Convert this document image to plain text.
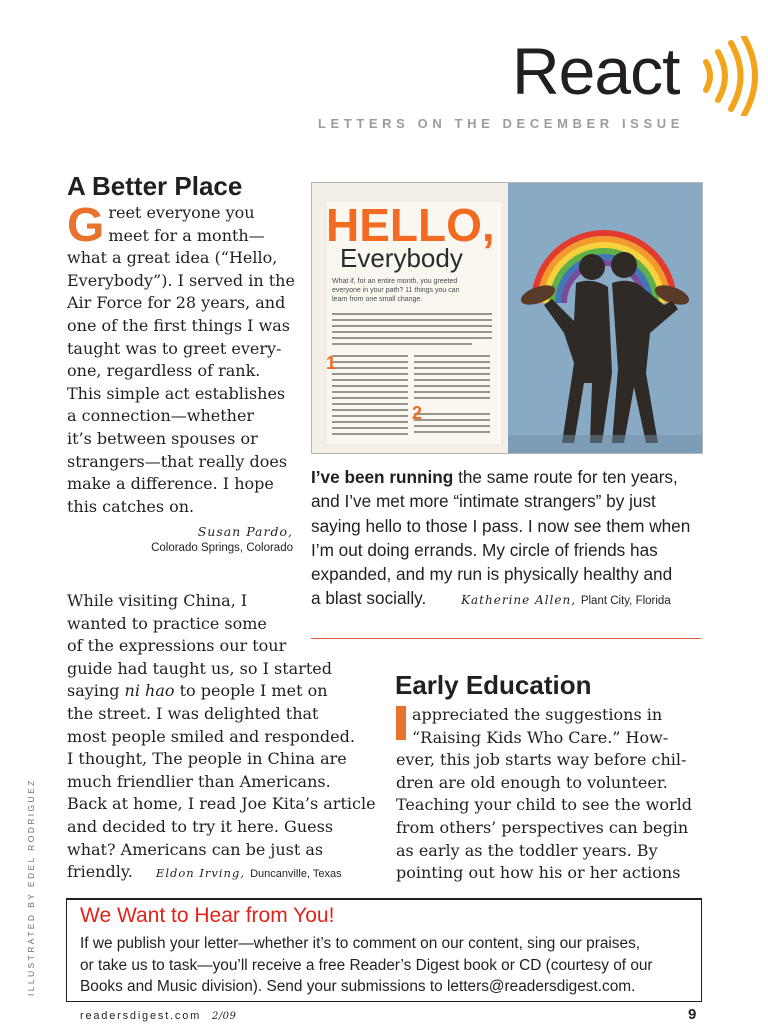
React
LETTERS ON THE DECEMBER ISSUE
A Better Place
G reet everyone you
meet for a month—
what a great idea (“Hello,
Everybody”). I served in the
Air Force for 28 years, and
one of the first things I was
taught was to greet every-
one, regardless of rank.
This simple act establishes
a connection—whether
it’s between spouses or
strangers—that really does
make a difference. I hope
this catches on.
Susan Pardo,
Colorado Springs, Colorado
While visiting China, I
wanted to practice some
of the expressions our tour
guide had taught us, so I started
saying ni hao to people I met on
the street. I was delighted that
most people smiled and responded.
I thought, The people in China are
much friendlier than Americans.
Back at home, I read Joe Kita’s article
and decided to try it here. Guess
what? Americans can be just as
friendly. Eldon Irving, Duncanville, Texas
1
2
HELLO,
Everybody
What if, for an entire month, you greeted
everyone in your path? 11 things you can
learn from one small change.
I’ve been running the same route for ten years,
and I’ve met more “intimate strangers” by just
saying hello to those I pass. I now see them when
I’m out doing errands. My circle of friends has
expanded, and my run is physically healthy and
a blast socially.	Katherine Allen, Plant City, Florida
Early Education
appreciated the suggestions in
“Raising Kids Who Care.” How-
ever, this job starts way before chil-
dren are old enough to volunteer.
Teaching your child to see the world
from others’ perspectives can begin
as early as the toddler years. By
pointing out how his or her actions
We Want to Hear from You!
If we publish your letter—whether it’s to comment on our content, sing our praises,
or take us to task—you’ll receive a free Reader’s Digest book or CD (courtesy of our
Books and Music division). Send your submissions to letters@readersdigest.com.
readersdigest.com 2/09	9
ILLUSTRATED BY EDEL RODRIGUEZ
